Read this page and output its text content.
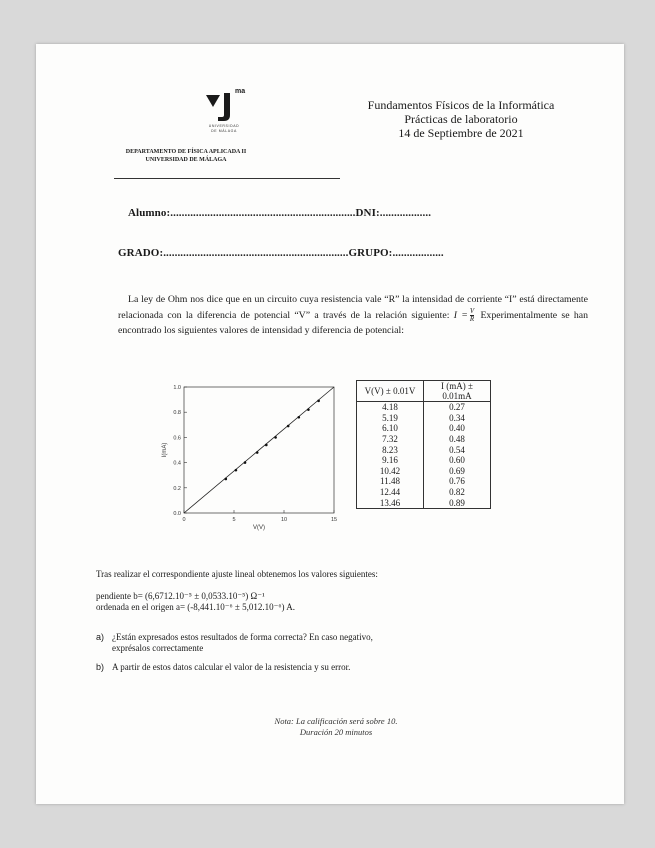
ma
UNIVERSIDAD
DE MÁLAGA
DEPARTAMENTO DE FÍSICA APLICADA II
UNIVERSIDAD DE MÁLAGA
Fundamentos Físicos de la Informática
Prácticas de laboratorio
14 de Septiembre de 2021
Alumno:.................................................................DNI:..................
GRADO:.................................................................GRUPO:..................
La ley de Ohm nos dice que en un circuito cuya resistencia vale “R” la intensidad de corriente “I” está directamente relacionada con la diferencia de potencial “V” a través de la relación siguiente: $I = \frac{V}{R}$ Experimentalmente se han encontrado los siguientes valores de intensidad y diferencia de potencial:
0	5	10	15
0.0
0.2
0.4
0.6
0.8
1.0
V(V)
I(mA)
V(V) ± 0.01V	I (mA) ± 0.01mA
4.18	0.27
5.19	0.34
6.10	0.40
7.32	0.48
8.23	0.54
9.16	0.60
10.42	0.69
11.48	0.76
12.44	0.82
13.46	0.89
Tras realizar el correspondiente ajuste lineal obtenemos los valores siguientes:
pendiente b= (6,6712.10⁻⁵ ± 0,0533.10⁻⁵) Ω⁻¹
ordenada en el origen a= (-8,441.10⁻⁶ ± 5,012.10⁻⁶) A.
a) ¿Están expresados estos resultados de forma correcta? En caso negativo, exprésalos correctamente
b) A partir de estos datos calcular el valor de la resistencia y su error.
Nota: La calificación será sobre 10.
Duración 20 minutos
